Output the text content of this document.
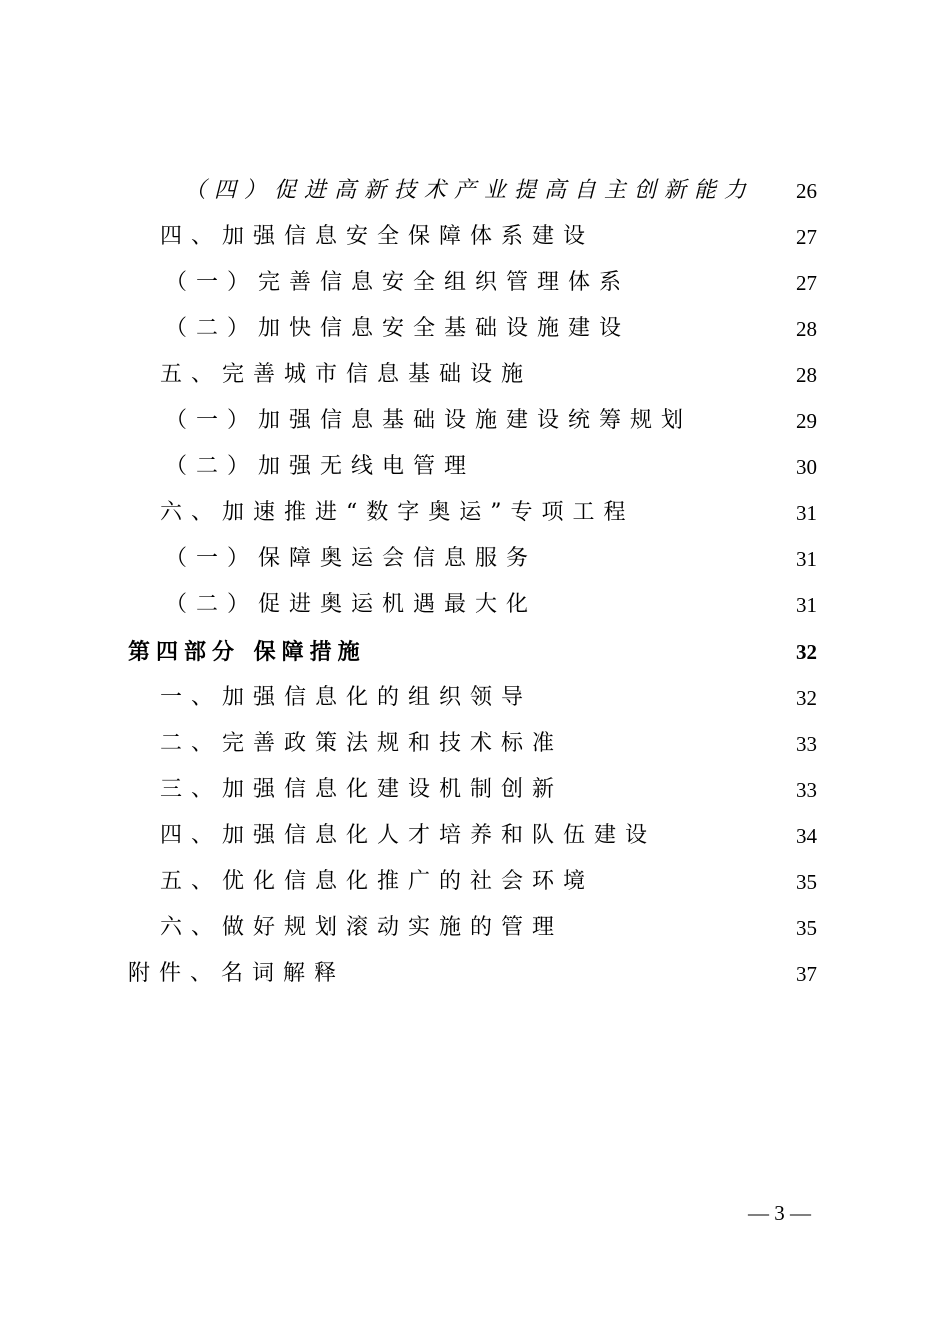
（四）促进高新技术产业提高自主创新能力 26
四、加强信息安全保障体系建设	27
（一）完善信息安全组织管理体系	27
（二）加快信息安全基础设施建设	28
五、完善城市信息基础设施	28
（一）加强信息基础设施建设统筹规划	29
（二）加强无线电管理	30
六、加速推进“数字奥运”专项工程	31
（一）保障奥运会信息服务	31
（二）促进奥运机遇最大化	31
第四部分 保障措施	32
一、加强信息化的组织领导	32
二、完善政策法规和技术标准	33
三、加强信息化建设机制创新	33
四、加强信息化人才培养和队伍建设	34
五、优化信息化推广的社会环境	35
六、做好规划滚动实施的管理	35
附件、名词解释	37
— 3 —
